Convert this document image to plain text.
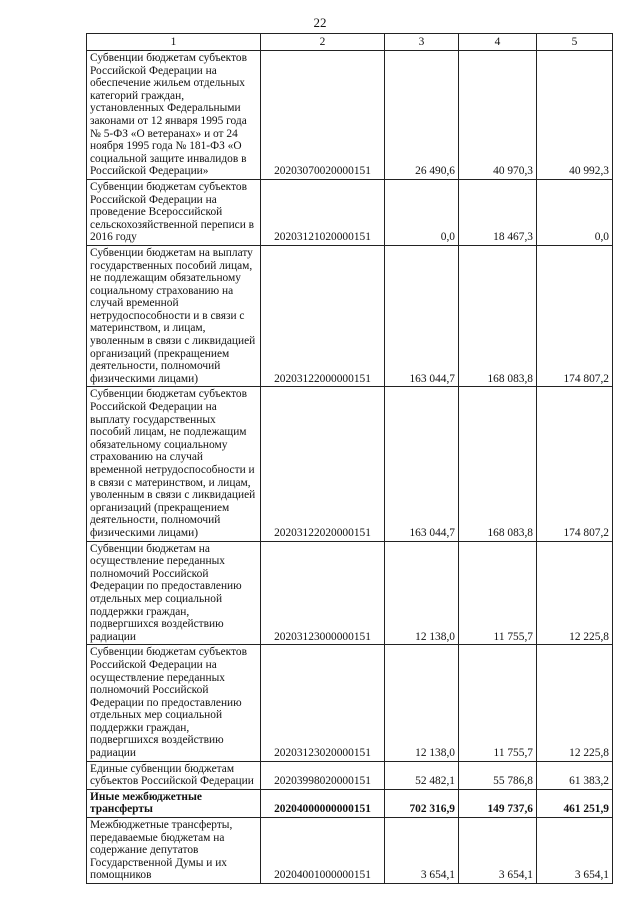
22
1	2	3	4	5
Субвенции бюджетам субъектов Российской Федерации на обеспечение жильем отдельных категорий граждан, установленных Федеральными законами от 12 января 1995 года № 5-ФЗ «О ветеранах» и от 24 ноября 1995 года № 181-ФЗ «О социальной защите инвалидов в Российской Федерации»	20203070020000151	26 490,6	40 970,3	40 992,3
Субвенции бюджетам субъектов Российской Федерации на проведение Всероссийской сельскохозяйственной переписи в 2016 году	20203121020000151	0,0	18 467,3	0,0
Субвенции бюджетам на выплату государственных пособий лицам, не подлежащим обязательному социальному страхованию на случай временной нетрудоспособности и в связи с материнством, и лицам, уволенным в связи с ликвидацией организаций (прекращением деятельности, полномочий физическими лицами)	20203122000000151	163 044,7	168 083,8	174 807,2
Субвенции бюджетам субъектов Российской Федерации на выплату государственных пособий лицам, не подлежащим обязательному социальному страхованию на случай временной нетрудоспособности и в связи с материнством, и лицам, уволенным в связи с ликвидацией организаций (прекращением деятельности, полномочий физическими лицами)	20203122020000151	163 044,7	168 083,8	174 807,2
Субвенции бюджетам на осуществление переданных полномочий Российской Федерации по предоставлению отдельных мер социальной поддержки граждан, подвергшихся воздействию радиации	20203123000000151	12 138,0	11 755,7	12 225,8
Субвенции бюджетам субъектов Российской Федерации на осуществление переданных полномочий Российской Федерации по предоставлению отдельных мер социальной поддержки граждан, подвергшихся воздействию радиации	20203123020000151	12 138,0	11 755,7	12 225,8
Единые субвенции бюджетам субъектов Российской Федерации	20203998020000151	52 482,1	55 786,8	61 383,2
Иные межбюджетные трансферты	20204000000000151	702 316,9	149 737,6	461 251,9
Межбюджетные трансферты, передаваемые бюджетам на содержание депутатов Государственной Думы и их помощников	20204001000000151	3 654,1	3 654,1	3 654,1
